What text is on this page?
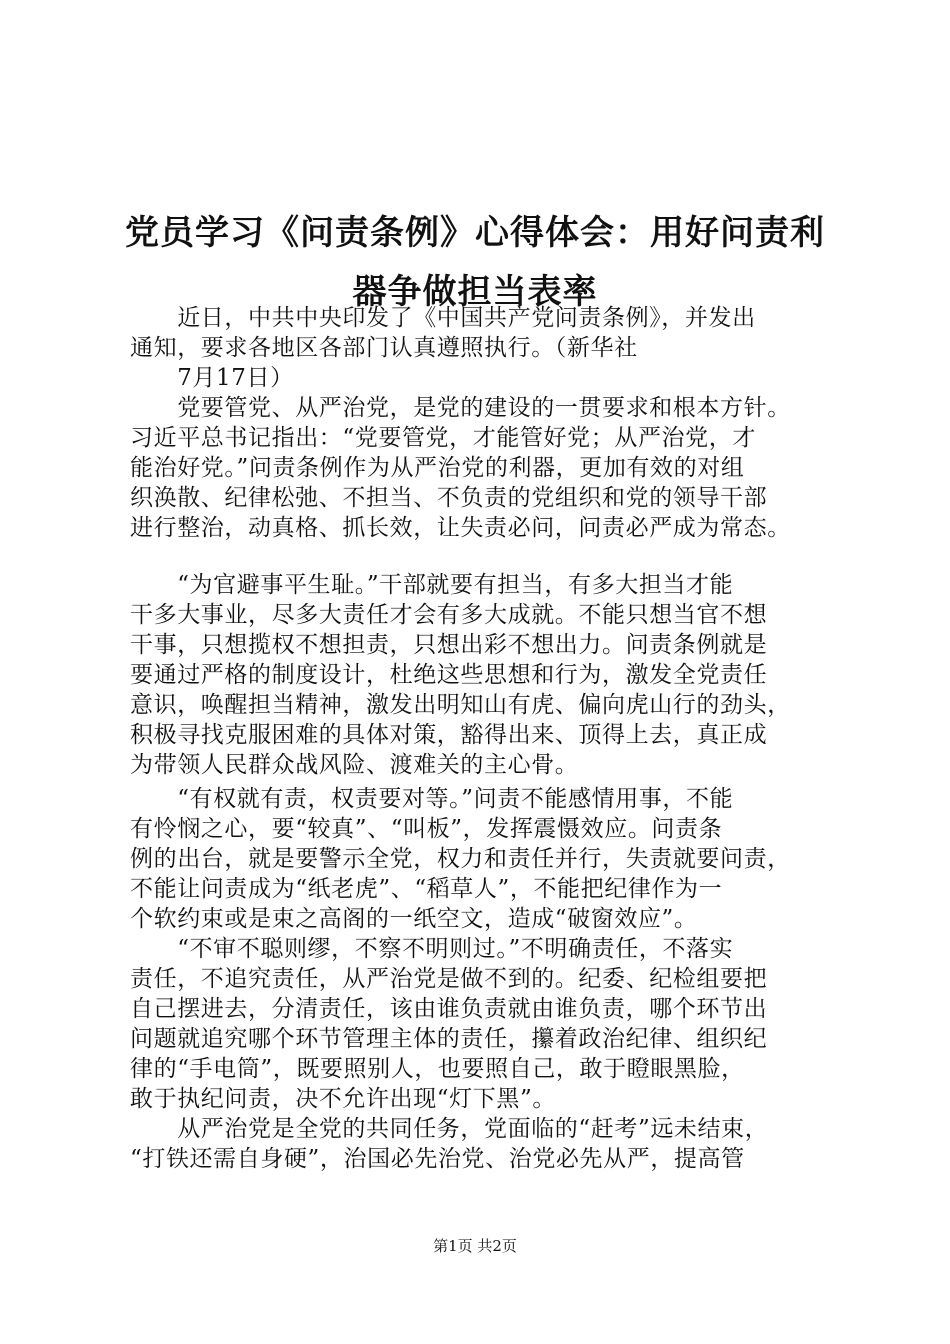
党员学习《问责条例》心得体会：用好问责利
器争做担当表率
　　近日，中共中央印发了《中国共产党问责条例》，并发出
通知，要求各地区各部门认真遵照执行。（新华社
　　7月17日）
　　党要管党、从严治党，是党的建设的一贯要求和根本方针。
习近平总书记指出：“党要管党，才能管好党；从严治党，才
能治好党。”问责条例作为从严治党的利器，更加有效的对组
织涣散、纪律松弛、不担当、不负责的党组织和党的领导干部
进行整治，动真格、抓长效，让失责必问，问责必严成为常态。
　　“为官避事平生耻。”干部就要有担当，有多大担当才能
干多大事业，尽多大责任才会有多大成就。不能只想当官不想
干事，只想揽权不想担责，只想出彩不想出力。问责条例就是
要通过严格的制度设计，杜绝这些思想和行为，激发全党责任
意识，唤醒担当精神，激发出明知山有虎、偏向虎山行的劲头，
积极寻找克服困难的具体对策，豁得出来、顶得上去，真正成
为带领人民群众战风险、渡难关的主心骨。
　　“有权就有责，权责要对等。”问责不能感情用事，不能
有怜悯之心，要“较真”、“叫板”，发挥震慑效应。问责条
例的出台，就是要警示全党，权力和责任并行，失责就要问责，
不能让问责成为“纸老虎”、“稻草人”，不能把纪律作为一
个软约束或是束之高阁的一纸空文，造成“破窗效应”。
　　“不审不聪则缪，不察不明则过。”不明确责任，不落实
责任，不追究责任，从严治党是做不到的。纪委、纪检组要把
自己摆进去，分清责任，该由谁负责就由谁负责，哪个环节出
问题就追究哪个环节管理主体的责任，攥着政治纪律、组织纪
律的“手电筒”，既要照别人，也要照自己，敢于瞪眼黑脸，
敢于执纪问责，决不允许出现“灯下黑”。
　　从严治党是全党的共同任务，党面临的“赶考”远未结束，
“打铁还需自身硬”，治国必先治党、治党必先从严，提高管
第1页 共2页
